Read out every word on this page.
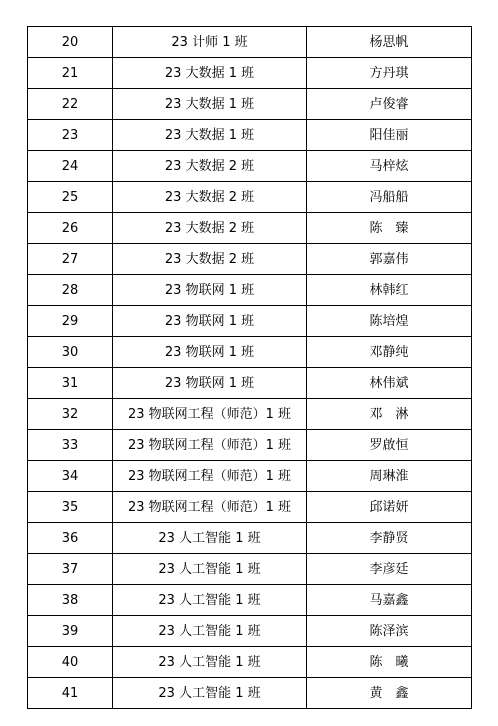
20	23 计师 1 班	杨思帆
21	23 大数据 1 班	方丹琪
22	23 大数据 1 班	卢俊睿
23	23 大数据 1 班	阳佳丽
24	23 大数据 2 班	马梓炫
25	23 大数据 2 班	冯船船
26	23 大数据 2 班	陈　臻
27	23 大数据 2 班	郭嘉伟
28	23 物联网 1 班	林韩红
29	23 物联网 1 班	陈培煌
30	23 物联网 1 班	邓静纯
31	23 物联网 1 班	林伟斌
32	23 物联网工程（师范）1 班	邓　淋
33	23 物联网工程（师范）1 班	罗啟恒
34	23 物联网工程（师范）1 班	周琳淮
35	23 物联网工程（师范）1 班	邱诺妍
36	23 人工智能 1 班	李静贤
37	23 人工智能 1 班	李彦廷
38	23 人工智能 1 班	马嘉鑫
39	23 人工智能 1 班	陈泽滨
40	23 人工智能 1 班	陈　曦
41	23 人工智能 1 班	黄　鑫
